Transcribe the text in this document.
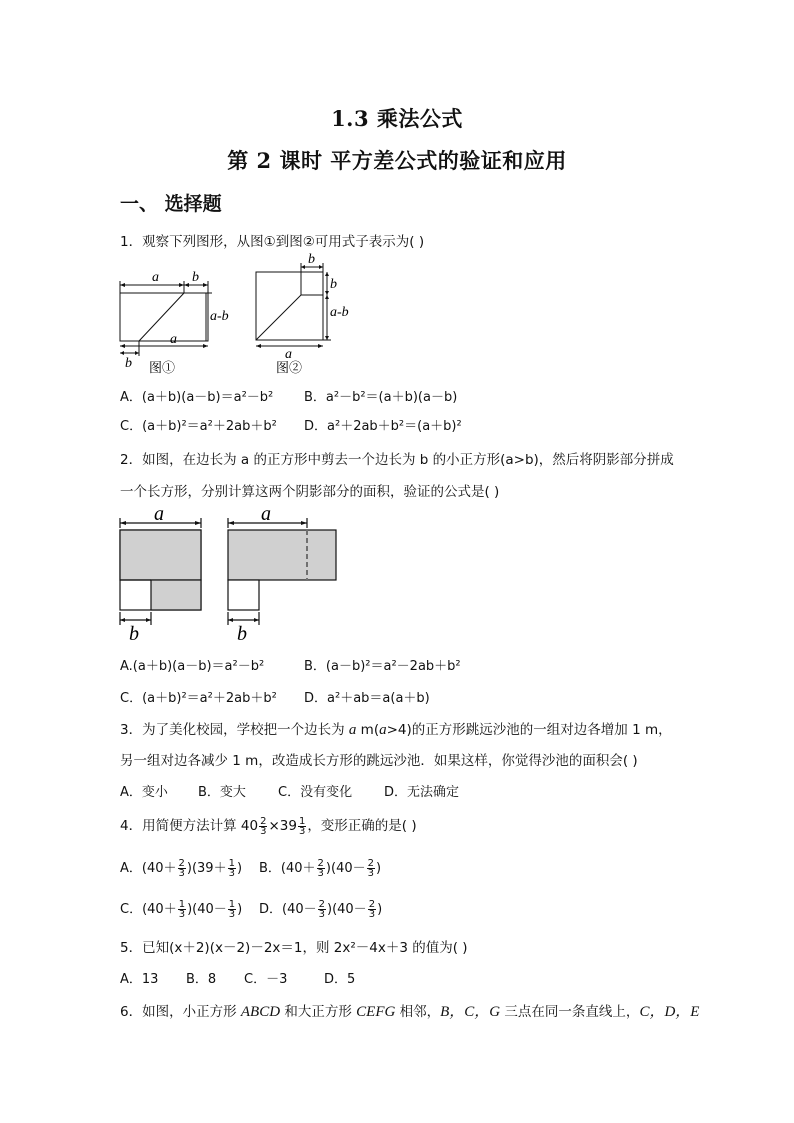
1.3 乘法公式
第 2 课时 平方差公式的验证和应用
一、 选择题
1．观察下列图形，从图①到图②可用式子表示为( )
a b
a-b
a
b 图①
b
b
a-b
a
图②
A．(a＋b)(a－b)＝a²－b² B．a²－b²＝(a＋b)(a－b)
C．(a＋b)²＝a²＋2ab＋b² D．a²＋2ab＋b²＝(a＋b)²
2．如图，在边长为 a 的正方形中剪去一个边长为 b 的小正方形(a>b)，然后将阴影部分拼成
一个长方形，分别计算这两个阴影部分的面积，验证的公式是( )
a
b
a
b
A.(a＋b)(a－b)＝a²－b²	B．(a－b)²＝a²－2ab＋b²
C．(a＋b)²＝a²＋2ab＋b² D．a²＋ab＝a(a＋b)
3．为了美化校园，学校把一个边长为 a m(a>4)的正方形跳远沙池的一组对边各增加 1 m，
另一组对边各减少 1 m，改造成长方形的跳远沙池．如果这样，你觉得沙池的面积会( )
A．变小 B．变大 C．没有变化 D．无法确定
4．用简便方法计算 $40 \frac{2}{3} \times 39 \frac{1}{3}$ ，变形正确的是( )
A．$(40+ \frac{2}{3} )(39+ \frac{1}{3}$ ) B．$(40+ \frac{2}{3} )(40- \frac{2}{3}$ )
C．$(40+ \frac{1}{3} )(40- \frac{1}{3}$ ) D．$(40- \frac{2}{3} )(40- \frac{2}{3}$ )
5．已知(x＋2)(x－2)－2x＝1，则 2x²－4x＋3 的值为( )
A．13 B．8 C．－3	D．5
6．如图，小正方形 ABCD 和大正方形 CEFG 相邻，B，C，G 三点在同一条直线上，C，D，E
